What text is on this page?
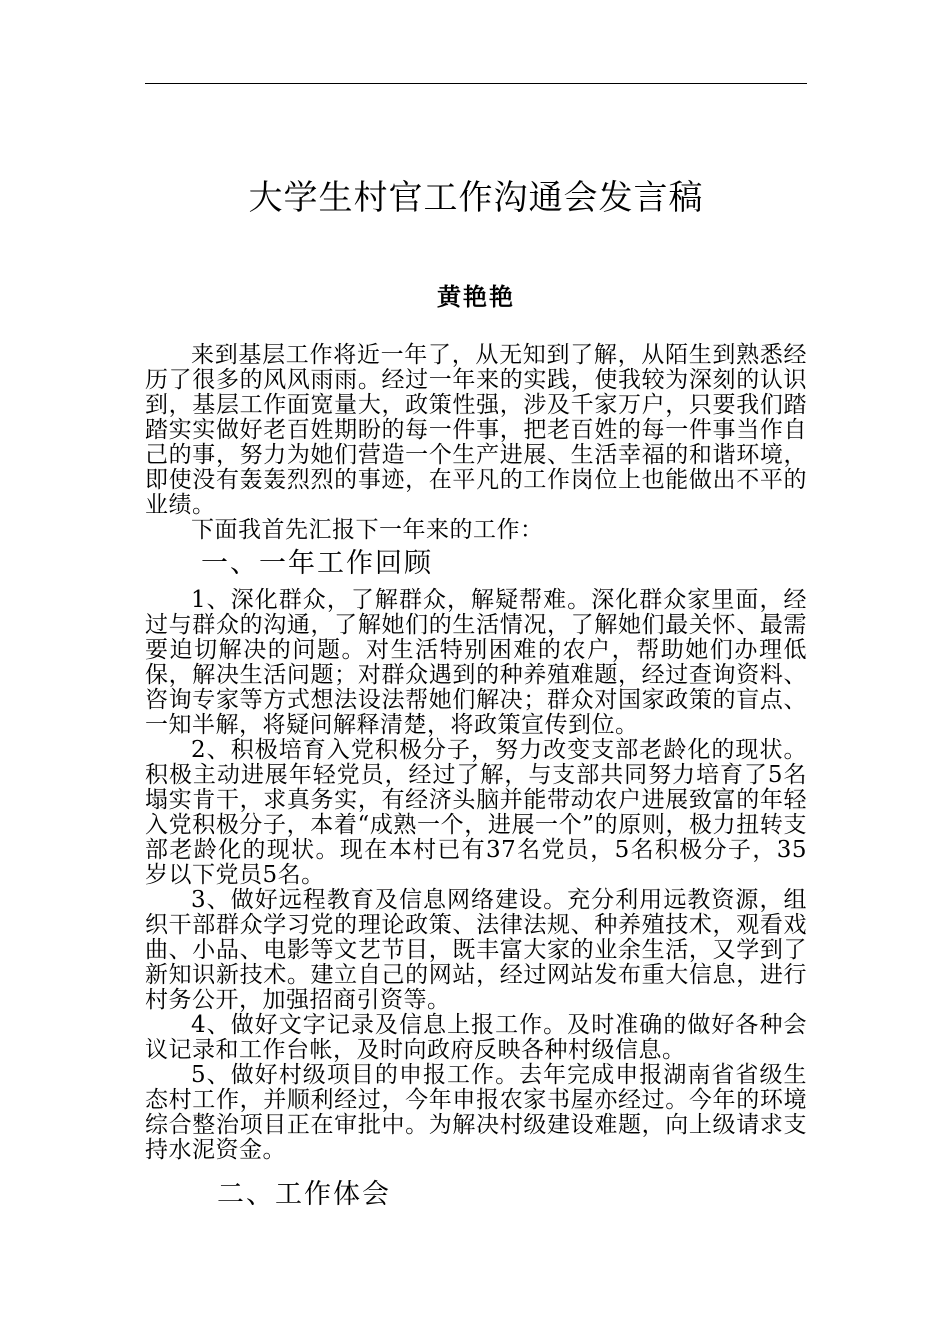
大学生村官工作沟通会发言稿
黄艳艳

来到基层工作将近一年了，从无知到了解，从陌生到熟悉经历了很多的风风雨雨。经过一年来的实践，使我较为深刻的认识到，基层工作面宽量大，政策性强，涉及千家万户，只要我们踏踏实实做好老百姓期盼的每一件事，把老百姓的每一件事当作自己的事，努力为她们营造一个生产进展、生活幸福的和谐环境，即使没有轰轰烈烈的事迹，在平凡的工作岗位上也能做出不平的业绩。

下面我首先汇报下一年来的工作：

一、一年工作回顾

1、深化群众，了解群众，解疑帮难。深化群众家里面，经过与群众的沟通，了解她们的生活情况，了解她们最关怀、最需要迫切解决的问题。对生活特别困难的农户，帮助她们办理低保，解决生活问题；对群众遇到的种养殖难题，经过查询资料、咨询专家等方式想法设法帮她们解决；群众对国家政策的盲点、一知半解，将疑问解释清楚，将政策宣传到位。

2、积极培育入党积极分子，努力改变支部老龄化的现状。积极主动进展年轻党员，经过了解，与支部共同努力培育了5名塌实肯干，求真务实，有经济头脑并能带动农户进展致富的年轻入党积极分子，本着“成熟一个，进展一个”的原则，极力扭转支部老龄化的现状。现在本村已有37名党员，5名积极分子，35岁以下党员5名。

3、做好远程教育及信息网络建设。充分利用远教资源，组织干部群众学习党的理论政策、法律法规、种养殖技术，观看戏曲、小品、电影等文艺节目，既丰富大家的业余生活，又学到了新知识新技术。建立自己的网站，经过网站发布重大信息，进行村务公开，加强招商引资等。

4、做好文字记录及信息上报工作。及时准确的做好各种会议记录和工作台帐，及时向政府反映各种村级信息。

5、做好村级项目的申报工作。去年完成申报湖南省省级生态村工作，并顺利经过，今年申报农家书屋亦经过。今年的环境综合整治项目正在审批中。为解决村级建设难题，向上级请求支持水泥资金。

二、工作体会
